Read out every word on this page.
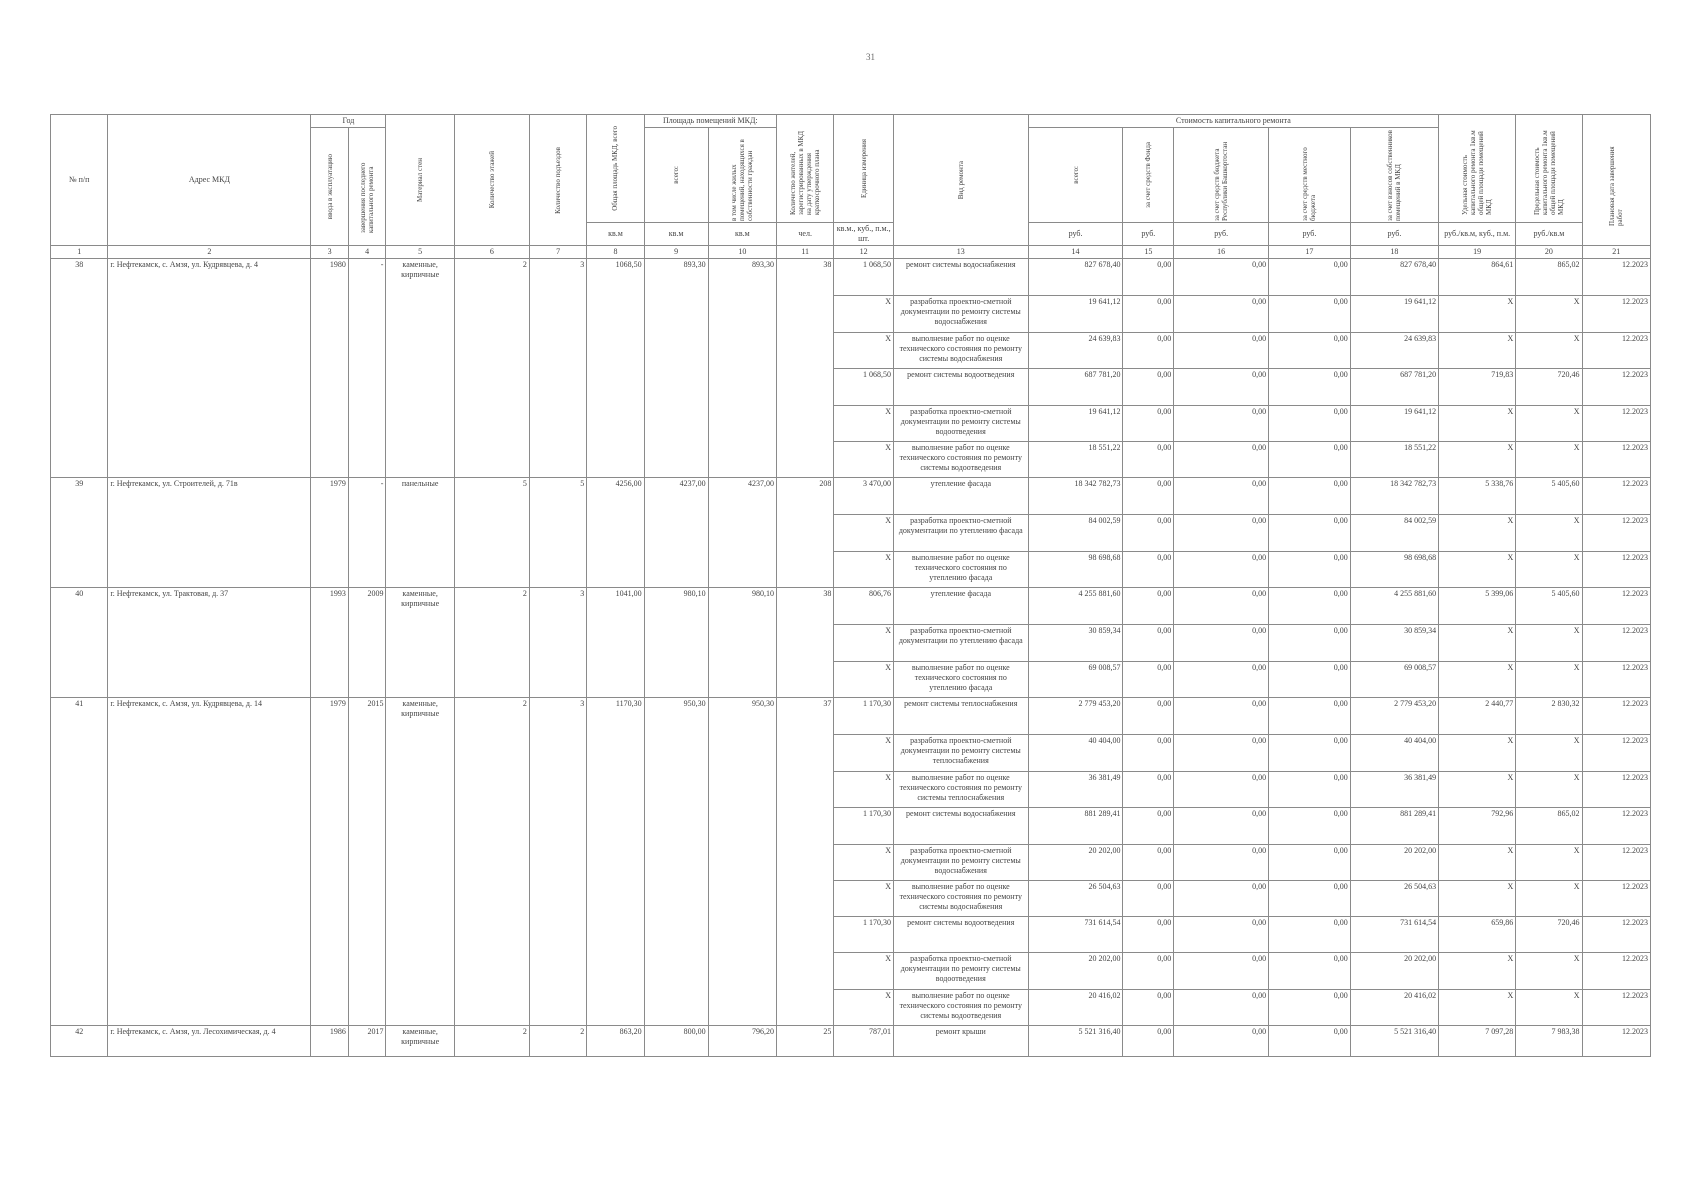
31
№ п/п	Адрес МКД	Год		Материал стен	Количество этажей	Количество подъездов	Общая площадь МКД, всего	Площадь помещений МКД:		Количество жителей, зарегистрированных в МКД на дату утверждения краткосрочного плана	Единица измерения	Вид ремонта	Стоимость капитального ремонта					Удельная стоимость капитального ремонта 1кв.м общей площади помещений МКД	Предельная стоимость капитального ремонта 1кв.м общей площади помещений МКД	Плановая дата завершения работ

		ввода в эксплуатацию	завершения последнего капитального ремонта					всего:	в том числе жилых помещений, находящихся в собственности граждан				всего:	за счет средств Фонда	за счет средств бюджета Республики Башкортостан	за счет средств местного бюджета	за счет взносов собственников помещений в МКД			

							кв.м	кв.м	кв.м	чел.	кв.м., куб., п.м., шт.		руб.	руб.	руб.	руб.	руб.	руб./кв.м, куб., п.м.	руб./кв.м	
1	2	3	4	5	6	7	8	9	10	11	12	13	14	15	16	17	18	19	20	21
38	г. Нефтекамск, с. Амзя, ул. Кудрявцева, д. 4	1980	-	каменные, кирпичные	2	3	1068,50	893,30	893,30	38	1 068,50	ремонт системы водоснабжения	827 678,40	0,00	0,00	0,00	827 678,40	864,61	865,02	12.2023
											X	разработка проектно-сметной документации по ремонту системы водоснабжения	19 641,12	0,00	0,00	0,00	19 641,12	X	X	12.2023
											X	выполнение работ по оценке технического состояния по ремонту системы водоснабжения	24 639,83	0,00	0,00	0,00	24 639,83	X	X	12.2023
											1 068,50	ремонт системы водоотведения	687 781,20	0,00	0,00	0,00	687 781,20	719,83	720,46	12.2023
											X	разработка проектно-сметной документации по ремонту системы водоотведения	19 641,12	0,00	0,00	0,00	19 641,12	X	X	12.2023
											X	выполнение работ по оценке технического состояния по ремонту системы водоотведения	18 551,22	0,00	0,00	0,00	18 551,22	X	X	12.2023
39	г. Нефтекамск, ул. Строителей, д. 71в	1979	-	панельные	5	5	4256,00	4237,00	4237,00	208	3 470,00	утепление фасада	18 342 782,73	0,00	0,00	0,00	18 342 782,73	5 338,76	5 405,60	12.2023
											X	разработка проектно-сметной документации по утеплению фасада	84 002,59	0,00	0,00	0,00	84 002,59	X	X	12.2023
											X	выполнение работ по оценке технического состояния по утеплению фасада	98 698,68	0,00	0,00	0,00	98 698,68	X	X	12.2023
40	г. Нефтекамск, ул. Трактовая, д. 37	1993	2009	каменные, кирпичные	2	3	1041,00	980,10	980,10	38	806,76	утепление фасада	4 255 881,60	0,00	0,00	0,00	4 255 881,60	5 399,06	5 405,60	12.2023
											X	разработка проектно-сметной документации по утеплению фасада	30 859,34	0,00	0,00	0,00	30 859,34	X	X	12.2023
											X	выполнение работ по оценке технического состояния по утеплению фасада	69 008,57	0,00	0,00	0,00	69 008,57	X	X	12.2023
41	г. Нефтекамск, с. Амзя, ул. Кудрявцева, д. 14	1979	2015	каменные, кирпичные	2	3	1170,30	950,30	950,30	37	1 170,30	ремонт системы теплоснабжения	2 779 453,20	0,00	0,00	0,00	2 779 453,20	2 440,77	2 830,32	12.2023
											X	разработка проектно-сметной документации по ремонту системы теплоснабжения	40 404,00	0,00	0,00	0,00	40 404,00	X	X	12.2023
											X	выполнение работ по оценке технического состояния по ремонту системы теплоснабжения	36 381,49	0,00	0,00	0,00	36 381,49	X	X	12.2023
											1 170,30	ремонт системы водоснабжения	881 289,41	0,00	0,00	0,00	881 289,41	792,96	865,02	12.2023
											X	разработка проектно-сметной документации по ремонту системы водоснабжения	20 202,00	0,00	0,00	0,00	20 202,00	X	X	12.2023
											X	выполнение работ по оценке технического состояния по ремонту системы водоснабжения	26 504,63	0,00	0,00	0,00	26 504,63	X	X	12.2023
											1 170,30	ремонт системы водоотведения	731 614,54	0,00	0,00	0,00	731 614,54	659,86	720,46	12.2023
											X	разработка проектно-сметной документации по ремонту системы водоотведения	20 202,00	0,00	0,00	0,00	20 202,00	X	X	12.2023
											X	выполнение работ по оценке технического состояния по ремонту системы водоотведения	20 416,02	0,00	0,00	0,00	20 416,02	X	X	12.2023
42	г. Нефтекамск, с. Амзя, ул. Лесохимическая, д. 4	1986	2017	каменные, кирпичные	2	2	863,20	800,00	796,20	25	787,01	ремонт крыши	5 521 316,40	0,00	0,00	0,00	5 521 316,40	7 097,28	7 983,38	12.2023
